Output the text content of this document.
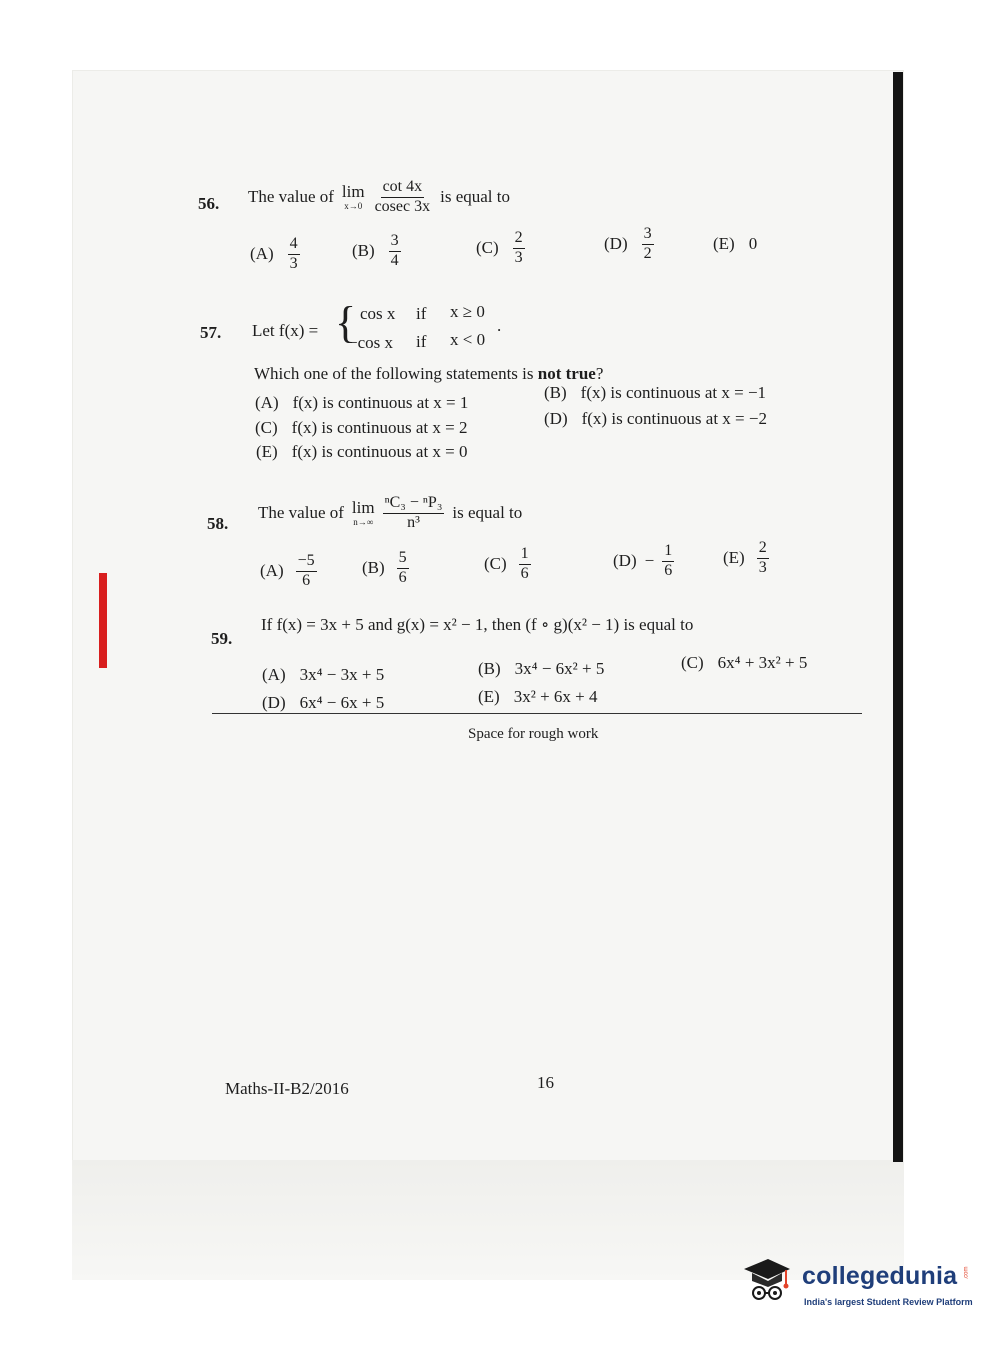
56. The value of lim
$x\to 0 \frac{\cot 4x}{cosec 3x}$ is equal to
$(A) \frac{4}{3}$	$(B) \frac{3}{4}$	$(C) \frac{2}{3}$	$(D) \frac{3}{2}$	(E) 0
57. Let f(x) = { cos x if x ≥ 0
−cos x if x < 0
.
Which one of the following statements is not true?
(A) f(x) is continuous at x = 1
(B) f(x) is continuous at x = −1
(C) f(x) is continuous at x = 2	(D) f(x) is continuous at x = −2
(E) f(x) is continuous at x = 0
58.
The value of lim
$n\to\infty \frac{\text{ⁿC₃ − ⁿP₃}}{\text{n³}}$ is equal to
$(A) \frac{-5}{6}$	$(B) \frac{5}{6}$	$(C) \frac{1}{6}$	$(D) - \frac{1}{6}$	$(E) \frac{2}{3}$
59.
If f(x) = 3x + 5 and g(x) = x² − 1, then (f ∘ g)(x² − 1) is equal to
(A) 3x⁴ − 3x + 5	(B) 3x⁴ − 6x² + 5	(C) 6x⁴ + 3x² + 5
(D) 6x⁴ − 6x + 5	(E) 3x² + 6x + 4
Space for rough work
Maths-II-B2/2016	16
collegedunia .com
India's largest Student Review Platform
